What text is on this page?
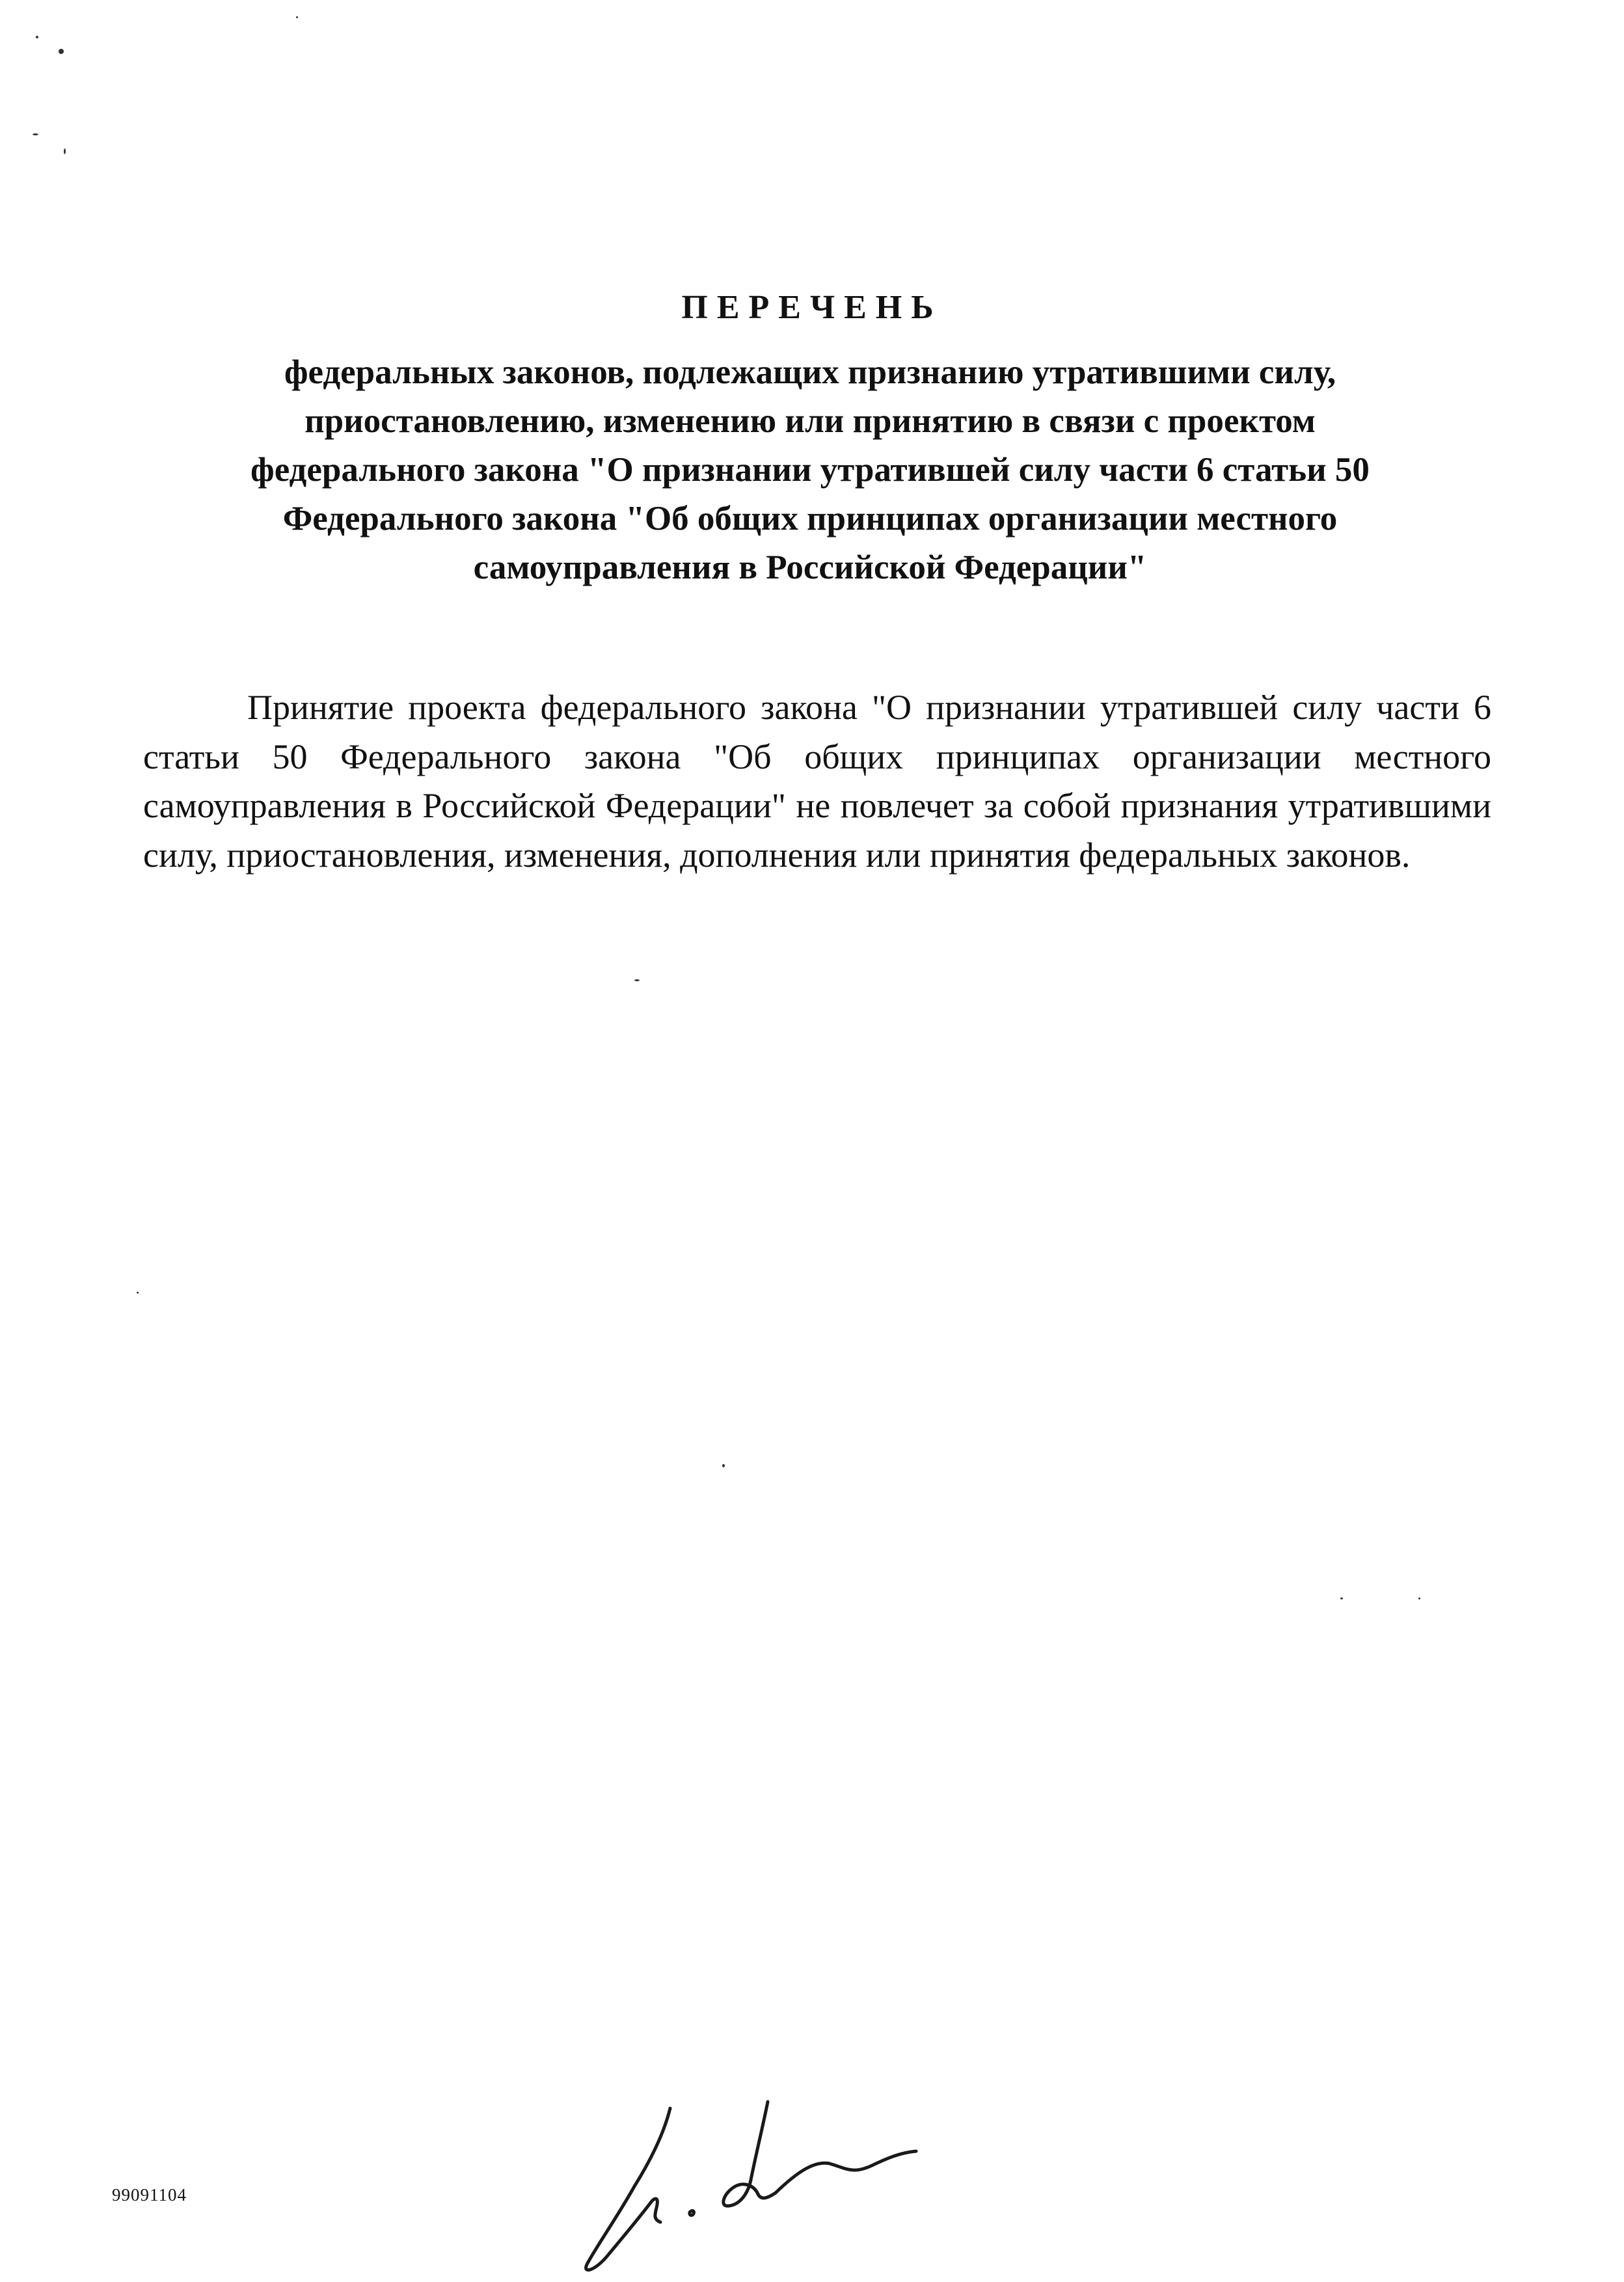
ПЕРЕЧЕНЬ
федеральных законов, подлежащих признанию утратившими силу,
приостановлению, изменению или принятию в связи с проектом
федерального закона "О признании утратившей силу части 6 статьи 50
Федерального закона "Об общих принципах организации местного
самоуправления в Российской Федерации"
Принятие проекта федерального закона "О признании утратившей силу части 6 статьи 50 Федерального закона "Об общих принципах организации местного самоуправления в Российской Федерации" не повлечет за собой признания утратившими силу, приостановления, изменения, дополнения или принятия федеральных законов.
99091104
